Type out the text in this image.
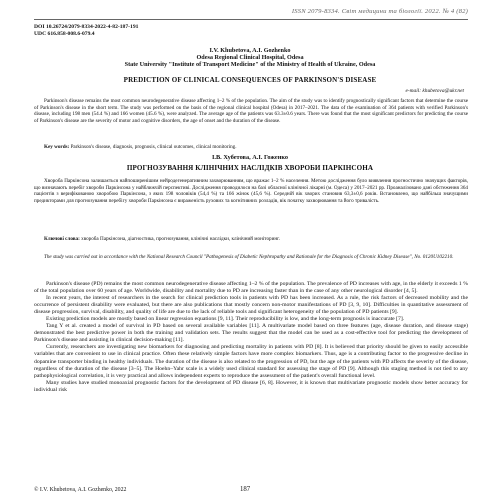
ISSN 2079-8334. Світ медицини та біології. 2022. № 4 (82)
DOI 10.26724/2079-8334-2022-4-82-187-191
UDC 616.858-008.6-079.4
I.V. Khubetova, A.I. Gozhenko
Odesa Regional Clinical Hospital, Odesa
State University "Institute of Transport Medicine" of the Ministry of Health of Ukraine, Odesa
PREDICTION OF CLINICAL CONSEQUENCES OF PARKINSON'S DISEASE
e-mail: khubetova@ukr.net
Parkinson's disease remains the most common neurodegenerative disease affecting 1–2 % of the population. The aim of the study was to identify prognostically significant factors that determine the course of Parkinson's disease in the short term. The study was performed on the basis of the regional clinical hospital (Odesa) in 2017–2021. The data of the examination of 364 patients with verified Parkinson's disease, including 198 men (54.4 %) and 166 women (45.6 %), were analyzed. The average age of the patients was 63.3±0.6 years. There was found that the most significant predictors for predicting the course of Parkinson's disease are the severity of motor and cognitive disorders, the age of onset and the duration of the disease.
Key words: Parkinson's disease, diagnosis, prognosis, clinical outcomes, clinical monitoring.
І.В. Хубетова, А.І. Гоженко
ПРОГНОЗУВАННЯ КЛІНІЧНИХ НАСЛІДКІВ ХВОРОБИ ПАРКІНСОНА
Хвороба Паркінсона залишається найпоширенішим нейродегенеративним захворюванням, що вражає 1–2 % населення. Метою дослідження було виявлення прогностично значущих факторів, що визначають перебіг хвороби Паркінсона у найближчій перспективі. Дослідження проводилося на базі обласної клінічної лікарні (м. Одеса) у 2017–2021 рр. Проаналізовано дані обстеження 364 пацієнтів з верифікованою хворобою Паркінсона, з яких 198 чоловіків (54,4 %) та 166 жінок (45,6 %). Середній вік хворих становив 63,3±0,6 років. Встановлено, що найбільш значущими предикторами для прогнозування перебігу хвороби Паркінсона є вираженість рухових та когнітивних розладів, вік початку захворювання та його тривалість.
Ключові слова: хвороба Паркінсона, діагностика, прогнозування, клінічні наслідки, клінічний моніторинг.
The study was carried out in accordance with the National Research Council "Pathogenesis of Diabetic Nephropathy and Rationale for the Diagnosis of Chronic Kidney Disease", No. 0120U102210.

Parkinson's disease (PD) remains the most common neurodegenerative disease affecting 1–2 % of the population. The prevalence of PD increases with age, in the elderly it exceeds 1 % of the total population over 60 years of age. Worldwide, disability and mortality due to PD are increasing faster than in the case of any other neurological disorder [4, 5].

In recent years, the interest of researchers in the search for clinical prediction tools in patients with PD has been increased. As a rule, the risk factors of decreased mobility and the occurrence of persistent disability were evaluated, but there are also publications that mostly concern non-motor manifestations of PD [3, 9, 10]. Difficulties in quantitative assessment of disease progression, survival, disability, and quality of life are due to the lack of reliable tools and significant heterogeneity of the population of PD patients [9].

Existing prediction models are mostly based on linear regression equations [9, 11]. Their reproducibility is low, and the long-term prognosis is inaccurate [7].

Tang Y et al. created a model of survival in PD based on several available variables [11]. A multivariate model based on three features (age, disease duration, and disease stage) demonstrated the best predictive power in both the training and validation sets. The results suggest that the model can be used as a cost-effective tool for predicting the development of Parkinson's disease and assisting in clinical decision-making [11].

Currently, researchers are investigating new biomarkers for diagnosing and predicting mortality in patients with PD [8]. It is believed that priority should be given to easily accessible variables that are convenient to use in clinical practice. Often these relatively simple factors have more complex biomarkers. Thus, age is a contributing factor to the progressive decline in dopamine transporter binding in healthy individuals. The duration of the disease is also related to the progression of PD, but the age of the patients with PD affects the severity of the disease, regardless of the duration of the disease [3–5]. The Hoehn–Yahr scale is a widely used clinical standard for assessing the stage of PD [9]. Although this staging method is not tied to any pathophysiological correlation, it is very practical and allows independent experts to reproduce the assessment of the patient's overall functional level.

Many studies have studied monoaxial prognostic factors for the development of PD disease [6, 8]. However, it is known that multivariate prognostic models show better accuracy for individual risk

© I.V. Khubetova, A.I. Gozhenko, 2022	187
